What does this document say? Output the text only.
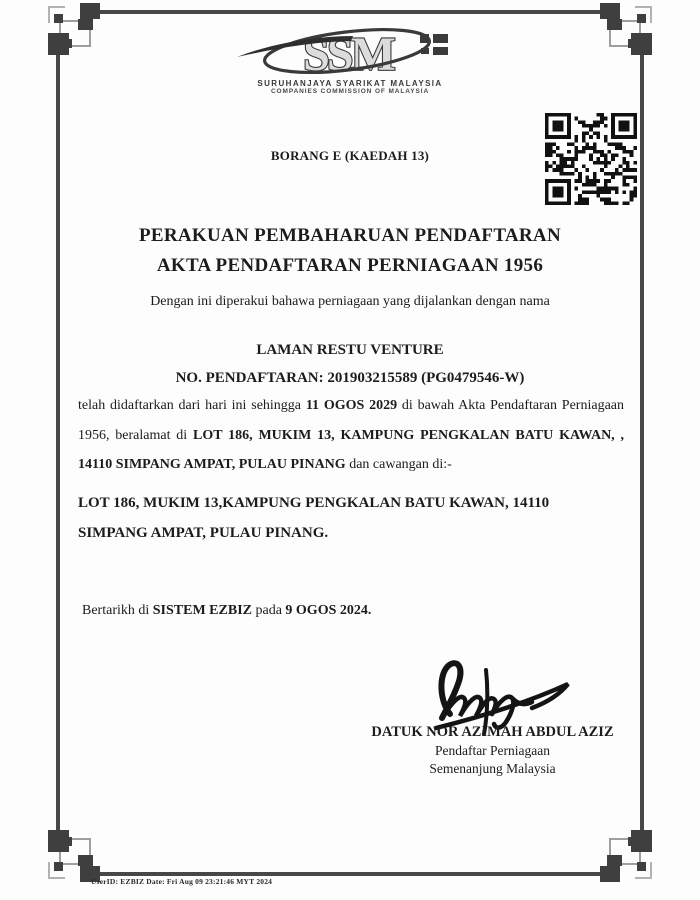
SSM
SURUHANJAYA SYARIKAT MALAYSIA
COMPANIES COMMISSION OF MALAYSIA
BORANG E (KAEDAH 13)
PERAKUAN PEMBAHARUAN PENDAFTARAN
AKTA PENDAFTARAN PERNIAGAAN 1956
Dengan ini diperakui bahawa perniagaan yang dijalankan dengan nama
LAMAN RESTU VENTURE
NO. PENDAFTARAN: 201903215589 (PG0479546-W)
telah didaftarkan dari hari ini sehingga 11 OGOS 2029 di bawah Akta Pendaftaran Perniagaan 1956, beralamat di LOT 186, MUKIM 13, KAMPUNG PENGKALAN BATU KAWAN, , 14110 SIMPANG AMPAT, PULAU PINANG dan cawangan di:-
LOT 186, MUKIM 13,KAMPUNG PENGKALAN BATU KAWAN, 14110
SIMPANG AMPAT, PULAU PINANG.
Bertarikh di SISTEM EZBIZ pada 9 OGOS 2024.
DATUK NOR AZIMAH ABDUL AZIZ
Pendaftar Perniagaan
Semenanjung Malaysia
UserID: EZBIZ Date: Fri Aug 09 23:21:46 MYT 2024
